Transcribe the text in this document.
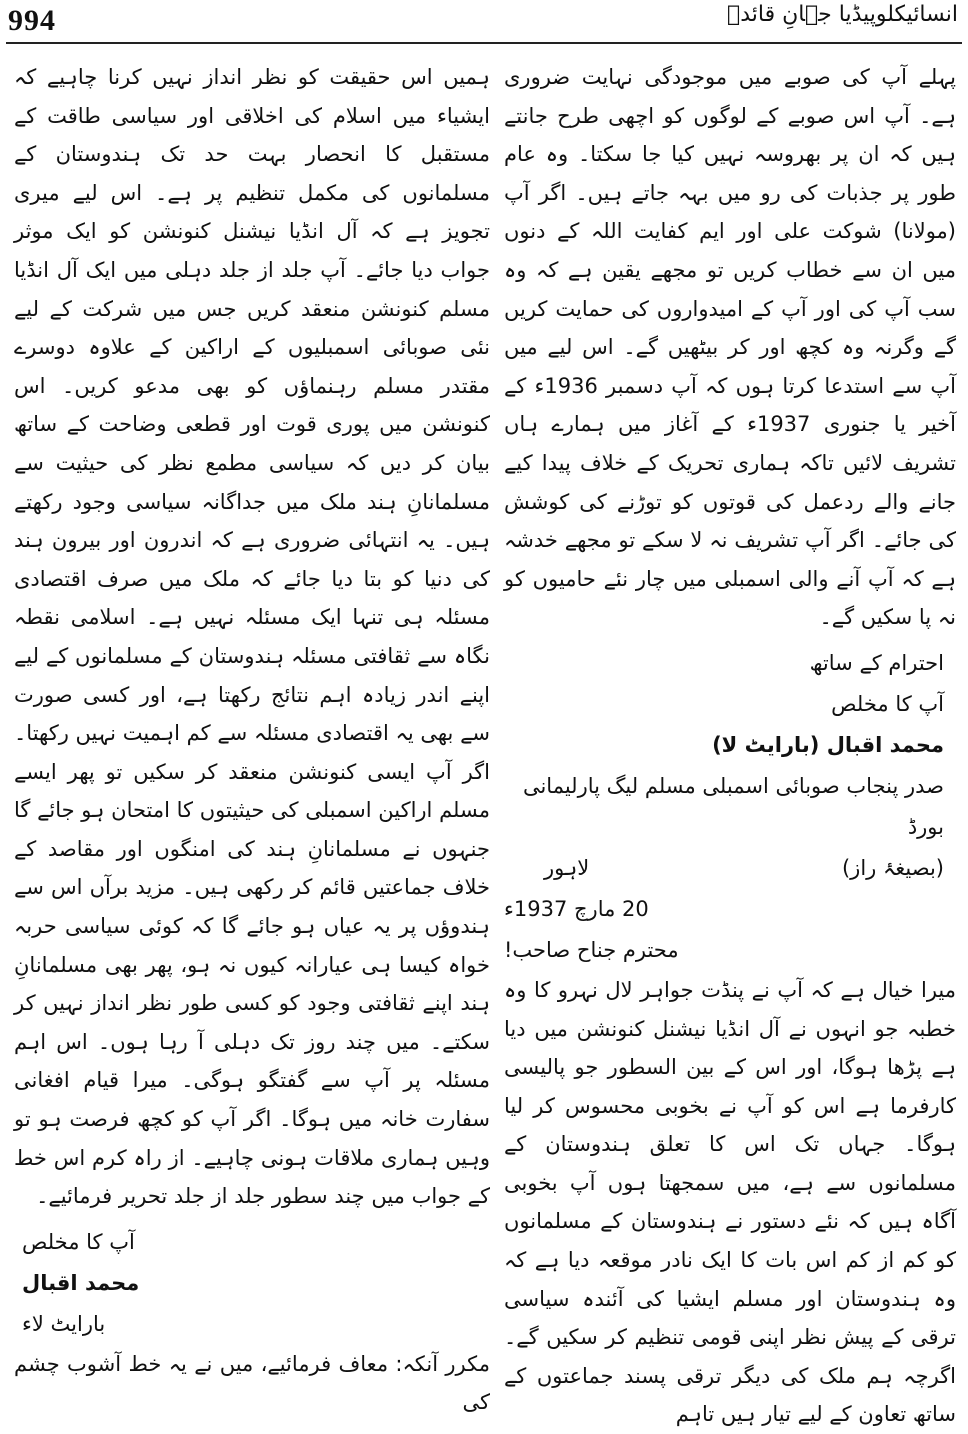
994	انسائیکلوپیڈیا جہانِ قائدؒ

پہلے آپ کی صوبے میں موجودگی نہایت ضروری ہے۔ آپ اس صوبے کے لوگوں کو اچھی طرح جانتے ہیں کہ ان پر بھروسہ نہیں کیا جا سکتا۔ وہ عام طور پر جذبات کی رو میں بہہ جاتے ہیں۔ اگر آپ (مولانا) شوکت علی اور ایم کفایت اللہ کے دنوں میں ان سے خطاب کریں تو مجھے یقین ہے کہ وہ سب آپ کی اور آپ کے امیدواروں کی حمایت کریں گے وگرنہ وہ کچھ اور کر بیٹھیں گے۔ اس لیے میں آپ سے استدعا کرتا ہوں کہ آپ دسمبر 1936ء کے آخیر یا جنوری 1937ء کے آغاز میں ہمارے ہاں تشریف لائیں تاکہ ہماری تحریک کے خلاف پیدا کیے جانے والے ردعمل کی قوتوں کو توڑنے کی کوشش کی جائے۔ اگر آپ تشریف نہ لا سکے تو مجھے خدشہ ہے کہ آپ آنے والی اسمبلی میں چار نئے حامیوں کو نہ پا سکیں گے۔

احترام کے ساتھ
آپ کا مخلص
محمد اقبال (بارایٹ لا)
صدر پنجاب صوبائی اسمبلی مسلم لیگ پارلیمانی بورڈ
(بصیغۂ راز)
لاہور
20 مارچ 1937ء
محترم جناح صاحب!

میرا خیال ہے کہ آپ نے پنڈت جواہر لال نہرو کا وہ خطبہ جو انہوں نے آل انڈیا نیشنل کنونشن میں دیا ہے پڑھا ہوگا، اور اس کے بین السطور جو پالیسی کارفرما ہے اس کو آپ نے بخوبی محسوس کر لیا ہوگا۔ جہاں تک اس کا تعلق ہندوستان کے مسلمانوں سے ہے، میں سمجھتا ہوں آپ بخوبی آگاہ ہیں کہ نئے دستور نے ہندوستان کے مسلمانوں کو کم از کم اس بات کا ایک نادر موقعہ دیا ہے کہ وہ ہندوستان اور مسلم ایشیا کی آئندہ سیاسی ترقی کے پیش نظر اپنی قومی تنظیم کر سکیں گے۔ اگرچہ ہم ملک کی دیگر ترقی پسند جماعتوں کے ساتھ تعاون کے لیے تیار ہیں تاہم

ہمیں اس حقیقت کو نظر انداز نہیں کرنا چاہیے کہ ایشیاء میں اسلام کی اخلاقی اور سیاسی طاقت کے مستقبل کا انحصار بہت حد تک ہندوستان کے مسلمانوں کی مکمل تنظیم پر ہے۔ اس لیے میری تجویز ہے کہ آل انڈیا نیشنل کنونشن کو ایک موثر جواب دیا جائے۔ آپ جلد از جلد دہلی میں ایک آل انڈیا مسلم کنونشن منعقد کریں جس میں شرکت کے لیے نئی صوبائی اسمبلیوں کے اراکین کے علاوہ دوسرے مقتدر مسلم رہنماؤں کو بھی مدعو کریں۔ اس کنونشن میں پوری قوت اور قطعی وضاحت کے ساتھ بیان کر دیں کہ سیاسی مطمع نظر کی حیثیت سے مسلمانانِ ہند ملک میں جداگانہ سیاسی وجود رکھتے ہیں۔ یہ انتہائی ضروری ہے کہ اندرون اور بیرون ہند کی دنیا کو بتا دیا جائے کہ ملک میں صرف اقتصادی مسئلہ ہی تنہا ایک مسئلہ نہیں ہے۔ اسلامی نقطہ نگاہ سے ثقافتی مسئلہ ہندوستان کے مسلمانوں کے لیے اپنے اندر زیادہ اہم نتائج رکھتا ہے، اور کسی صورت سے بھی یہ اقتصادی مسئلہ سے کم اہمیت نہیں رکھتا۔ اگر آپ ایسی کنونشن منعقد کر سکیں تو پھر ایسے مسلم اراکین اسمبلی کی حیثیتوں کا امتحان ہو جائے گا جنہوں نے مسلمانانِ ہند کی امنگوں اور مقاصد کے خلاف جماعتیں قائم کر رکھی ہیں۔ مزید برآں اس سے ہندوؤں پر یہ عیاں ہو جائے گا کہ کوئی سیاسی حربہ خواہ کیسا ہی عیارانہ کیوں نہ ہو، پھر بھی مسلمانانِ ہند اپنے ثقافتی وجود کو کسی طور نظر انداز نہیں کر سکتے۔ میں چند روز تک دہلی آ رہا ہوں۔ اس اہم مسئلہ پر آپ سے گفتگو ہوگی۔ میرا قیام افغانی سفارت خانہ میں ہوگا۔ اگر آپ کو کچھ فرصت ہو تو وہیں ہماری ملاقات ہونی چاہیے۔ از راہ کرم اس خط کے جواب میں چند سطور جلد از جلد تحریر فرمائیے۔

آپ کا مخلص
محمد اقبال
بارایٹ لاء

مکرر آنکہ: معاف فرمائیے، میں نے یہ خط آشوب چشم کی
